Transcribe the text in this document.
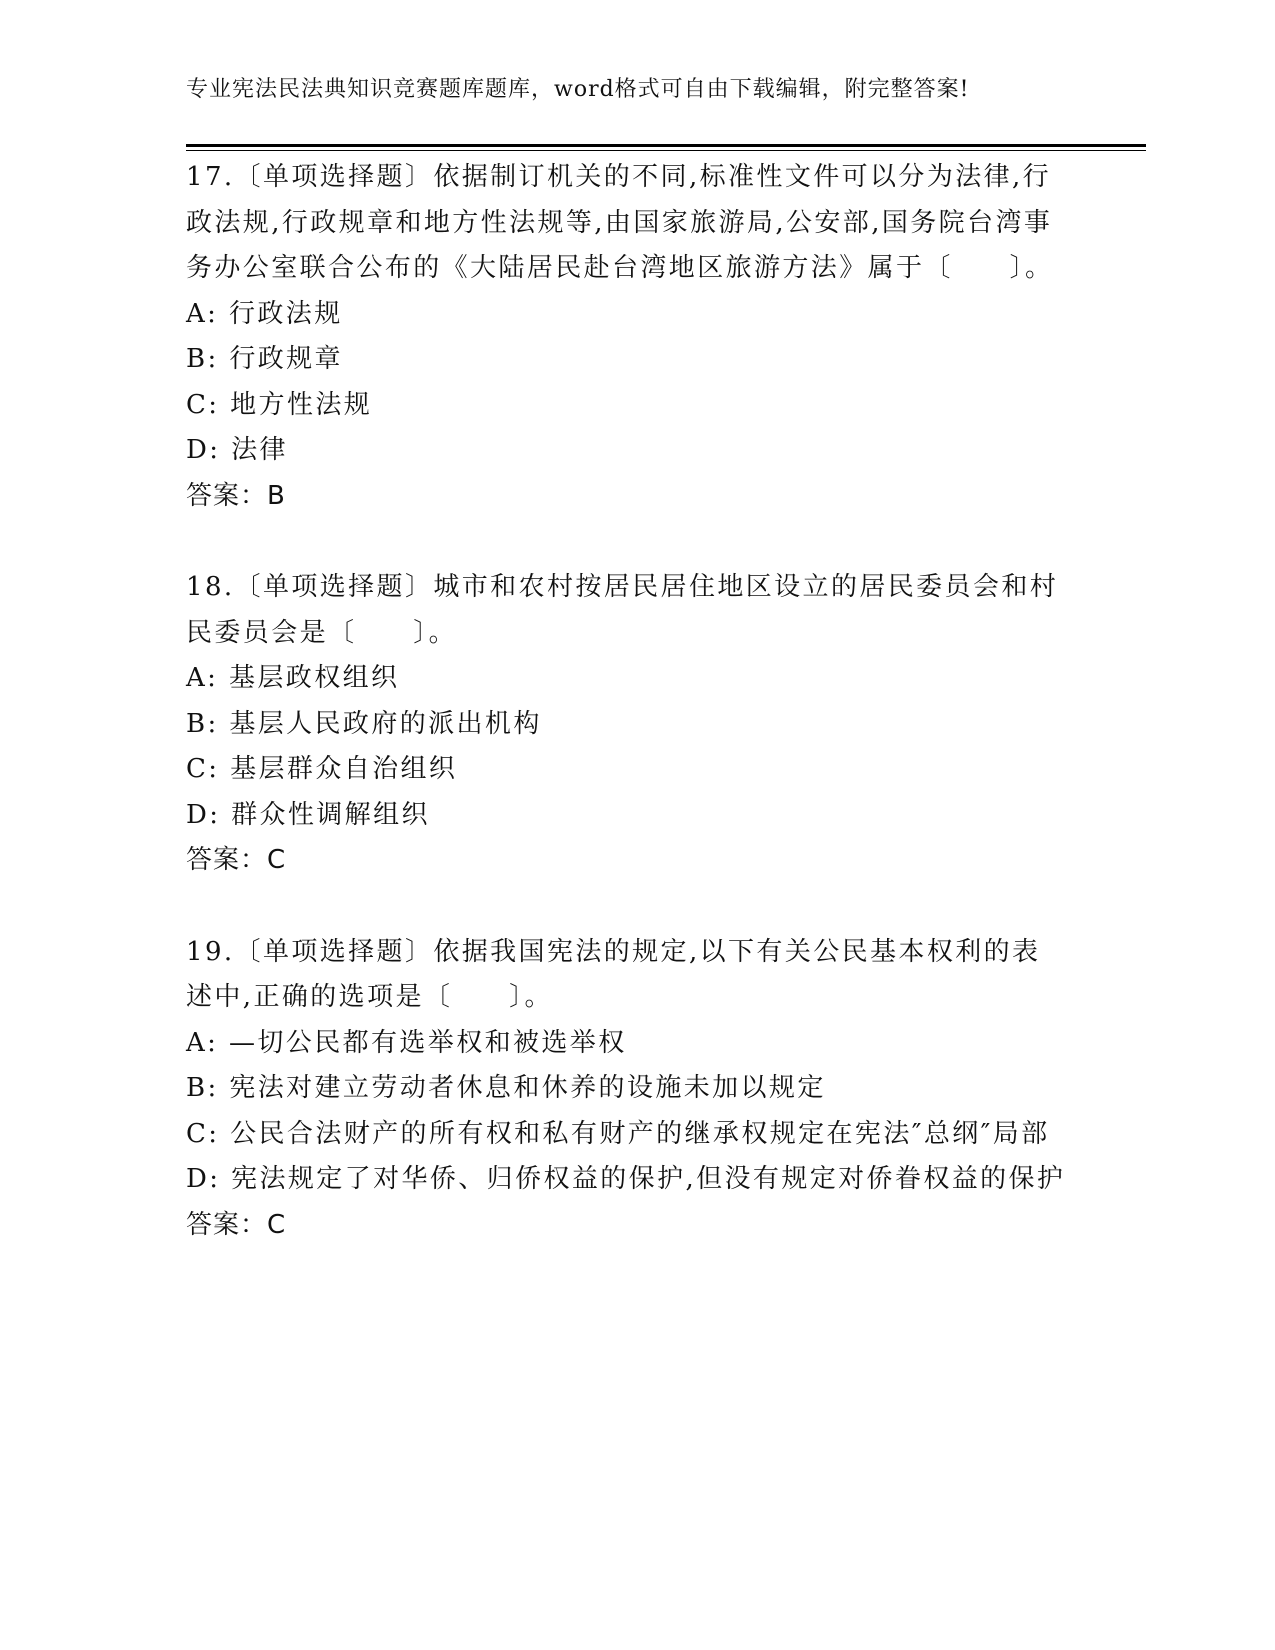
专业宪法民法典知识竞赛题库题库，word格式可自由下载编辑，附完整答案!

17.〔单项选择题〕依据制订机关的不同,标准性文件可以分为法律,行政法规,行政规章和地方性法规等,由国家旅游局,公安部,国务院台湾事务办公室联合公布的《大陆居民赴台湾地区旅游方法》属于〔　　〕。

A: 行政法规

B: 行政规章

C: 地方性法规

D: 法律

答案：B

18.〔单项选择题〕城市和农村按居民居住地区设立的居民委员会和村民委员会是〔　　〕。

A: 基层政权组织

B: 基层人民政府的派出机构

C: 基层群众自治组织

D: 群众性调解组织

答案：C

19.〔单项选择题〕依据我国宪法的规定,以下有关公民基本权利的表述中,正确的选项是〔　　〕。

A: —切公民都有选举权和被选举权

B: 宪法对建立劳动者休息和休养的设施未加以规定

C: 公民合法财产的所有权和私有财产的继承权规定在宪法″总纲″局部

D: 宪法规定了对华侨、归侨权益的保护,但没有规定对侨眷权益的保护

答案：C
